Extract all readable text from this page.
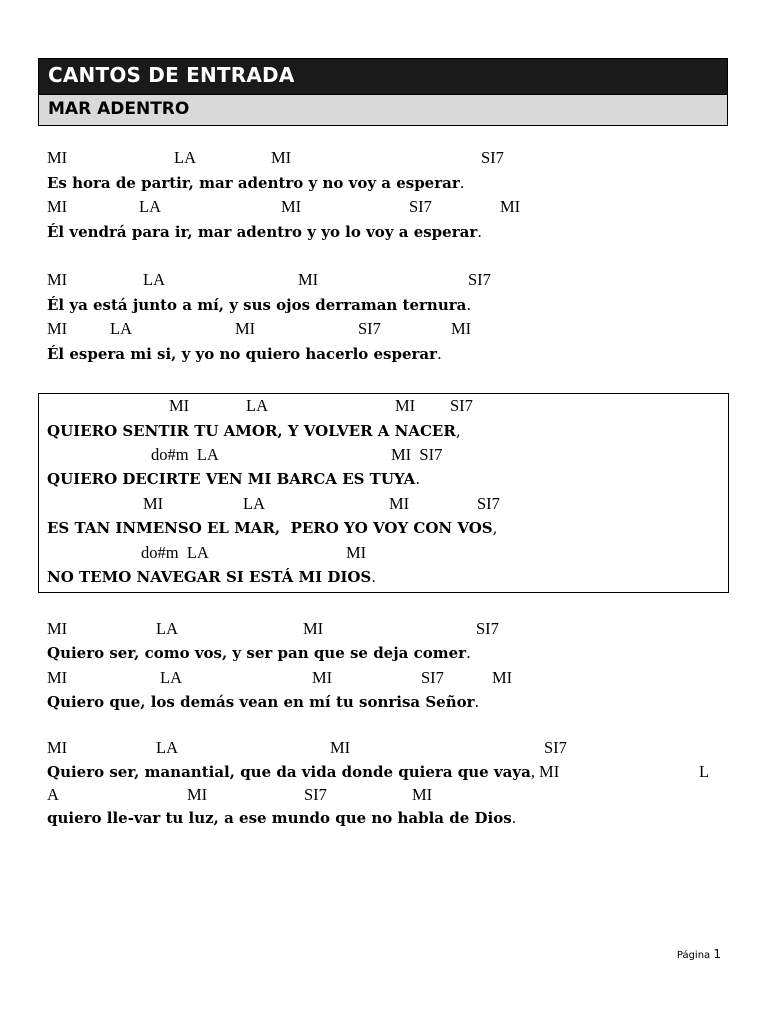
CANTOS DE ENTRADA
MAR ADENTRO
MI	LA	MI	SI7
Es hora de partir, mar adentro y no voy a esperar.
MI	LA	MI	SI7	MI
Él vendrá para ir, mar adentro y yo lo voy a esperar.
MI	LA	MI	SI7
Él ya está junto a mí, y sus ojos derraman ternura.
MI	LA	MI	SI7	MI
Él espera mi si, y yo no quiero hacerlo esperar.
MI	LA	MI SI7
QUIERO SENTIR TU AMOR, Y VOLVER A NACER,
do#m  LA	MI  SI7
QUIERO DECIRTE VEN MI BARCA ES TUYA.
MI	LA	MI	SI7
ES TAN INMENSO EL MAR,  PERO YO VOY CON VOS,
do#m  LA	MI
NO TEMO NAVEGAR SI ESTÁ MI DIOS.
MI	LA	MI	SI7
Quiero ser, como vos, y ser pan que se deja comer.
MI	LA	MI	SI7	MI
Quiero que, los demás vean en mí tu sonrisa Señor.
MI	LA	MI	SI7
Quiero ser, manantial, que da vida donde quiera que vaya, MI	L
A	MI	SI7	MI
quiero lle-var tu luz, a ese mundo que no habla de Dios.
Página 1
